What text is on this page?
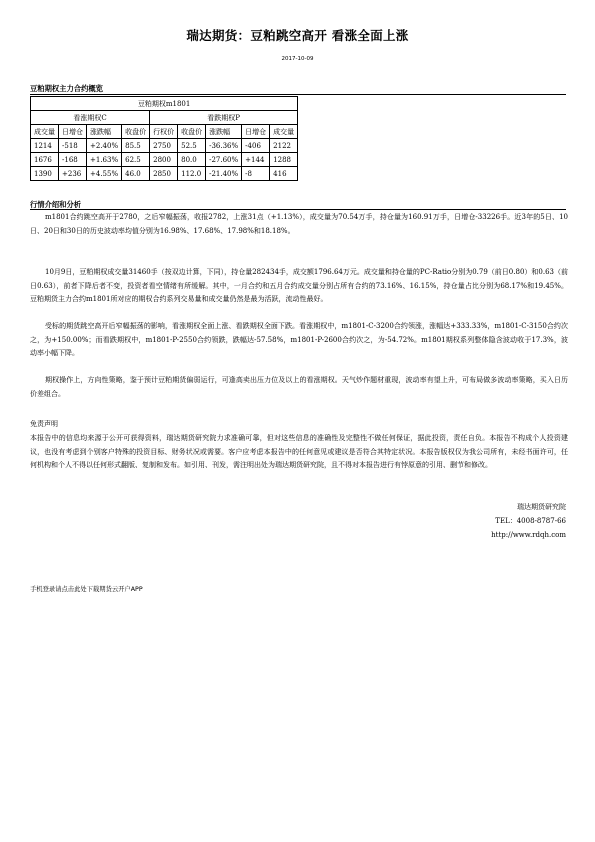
瑞达期货：豆粕跳空高开 看涨全面上涨
2017-10-09
豆粕期权主力合约概览
豆粕期权m1801								
看涨期权C				看跌期权P				
成交量	日增仓	涨跌幅	收盘价	行权价	收盘价	涨跌幅	日增仓	成交量
1214	-518	+2.40%	85.5	2750	52.5	-36.36%	-406	2122
1676	-168	+1.63%	62.5	2800	80.0	-27.60%	+144	1288
1390	+236	+4.55%	46.0	2850	112.0	-21.40%	-8	416
行情介绍和分析
m1801合约跳空高开于2780，之后窄幅振荡，收报2782，上涨31点（+1.13%），成交量为70.54万手，持仓量为160.91万手，日增仓-33226手。近3年的5日、10日、20日和30日的历史波动率均值分别为16.98%、17.68%、17.98%和18.18%。
10月9日，豆粕期权成交量31460手（按双边计算，下同），持仓量282434手，成交额1796.64万元。成交量和持仓量的PC-Ratio分别为0.79（前日0.80）和0.63（前日0.63），前者下降后者不变，投资者看空情绪有所缓解。其中，一月合约和五月合约成交量分别占所有合约的73.16%、16.15%，持仓量占比分别为68.17%和19.45%。豆粕期货主力合约m1801所对应的期权合约系列交易量和成交量仍然是最为活跃，流动性最好。
受标的期货跳空高开后窄幅振荡的影响，看涨期权全面上涨、看跌期权全面下跌。看涨期权中，m1801-C-3200合约领涨，涨幅达+333.33%，m1801-C-3150合约次之，为+150.00%；而看跌期权中，m1801-P-2550合约领跌，跌幅达-57.58%，m1801-P-2600合约次之，为-54.72%。m1801期权系列整体隐含波动收于17.3%，波动率小幅下降。
期权操作上，方向性策略，鉴于预计豆粕期货偏弱运行，可逢高卖出压力位及以上的看涨期权。天气炒作题材重现，波动率有望上升，可布局做多波动率策略，买入日历价差组合。
免责声明
本报告中的信息均来源于公开可获得资料，瑞达期货研究院力求准确可靠，但对这些信息的准确性及完整性不做任何保证，据此投资，责任自负。本报告不构成个人投资建议，也没有考虑到个别客户特殊的投资目标、财务状况或需要。客户应考虑本报告中的任何意见或建议是否符合其特定状况。本报告版权仅为我公司所有，未经书面许可，任何机构和个人不得以任何形式翻版、复制和发布。如引用、刊发，需注明出处为瑞达期货研究院，且不得对本报告进行有悖原意的引用、删节和修改。
瑞达期货研究院
TEL：4008-8787-66
http://www.rdqh.com
手机登录请点击此处下载期货云开户APP
